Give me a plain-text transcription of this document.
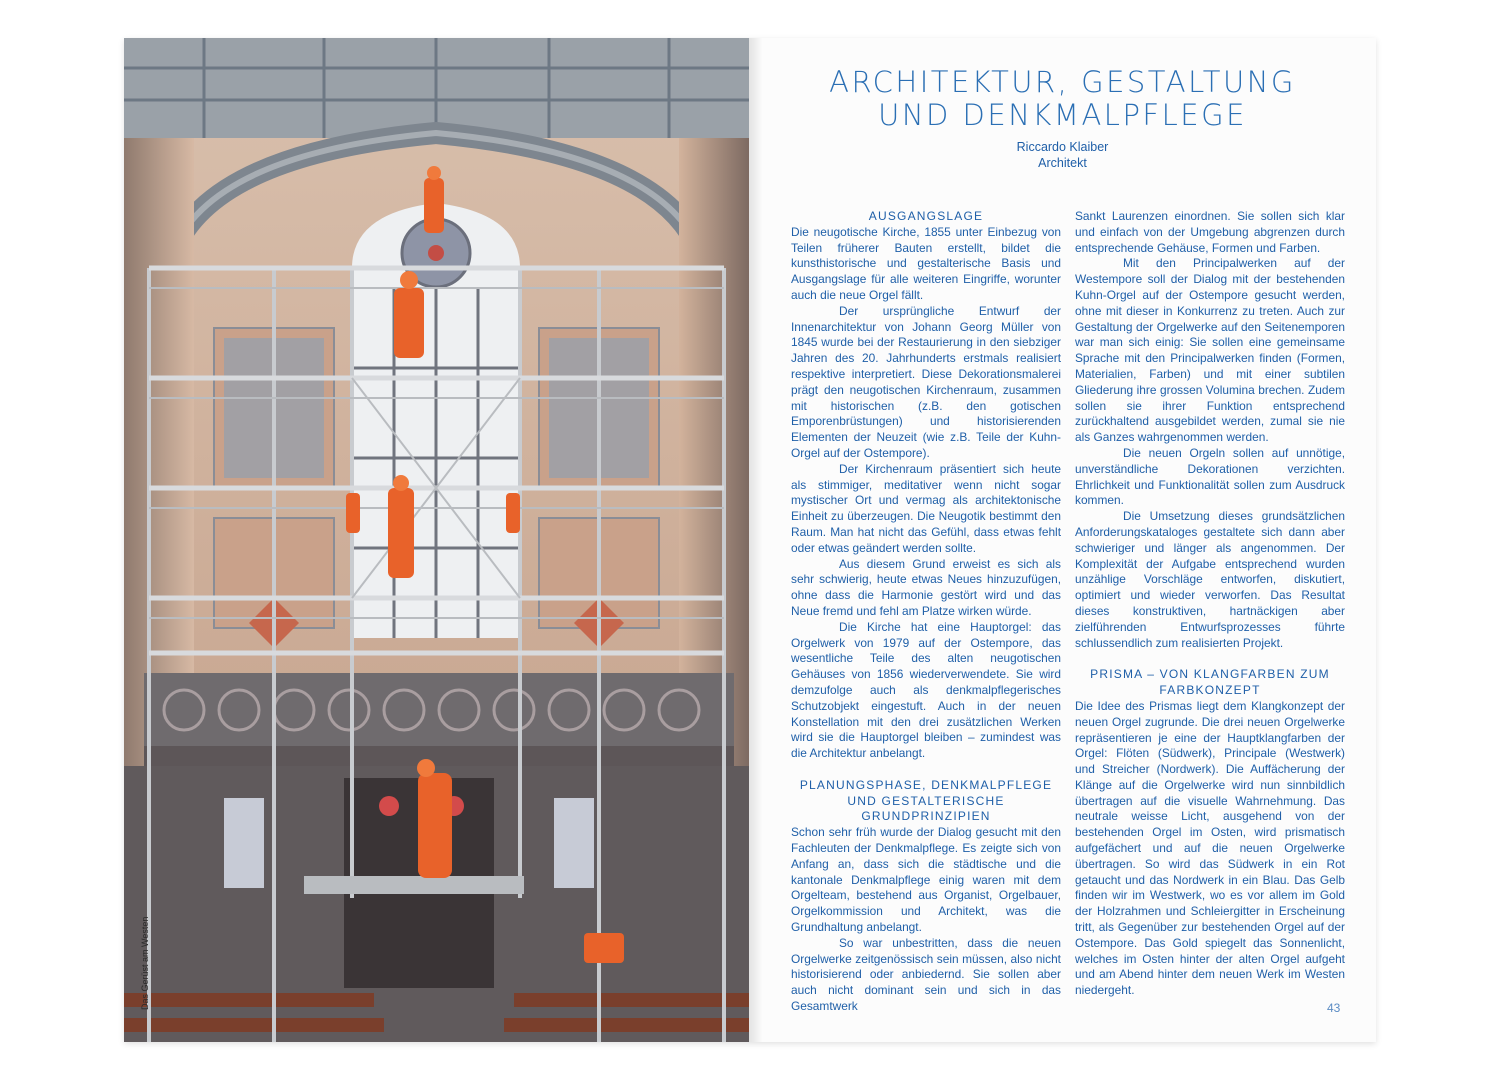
Das Gerüst am Westen
ARCHITEKTUR, GESTALTUNG
UND DENKMALPFLEGE
Riccardo Klaiber
Architekt
AUSGANGSLAGE

Die neugotische Kirche, 1855 unter Einbezug von Teilen früherer Bauten erstellt, bildet die kunsthistorische und gestalterische Basis und Ausgangslage für alle weiteren Eingriffe, worunter auch die neue Orgel fällt.

Der ursprüngliche Entwurf der Innenarchitektur von Johann Georg Müller von 1845 wurde bei der Restaurierung in den siebziger Jahren des 20. Jahrhunderts erstmals realisiert respektive interpretiert. Diese Dekorationsmalerei prägt den neugotischen Kirchenraum, zusammen mit historischen (z.B. den gotischen Emporenbrüstungen) und historisierenden Elementen der Neuzeit (wie z.B. Teile der Kuhn-Orgel auf der Ostempore).

Der Kirchenraum präsentiert sich heute als stimmiger, meditativer wenn nicht sogar mystischer Ort und vermag als architektonische Einheit zu überzeugen. Die Neugotik bestimmt den Raum. Man hat nicht das Gefühl, dass etwas fehlt oder etwas geändert werden sollte.

Aus diesem Grund erweist es sich als sehr schwierig, heute etwas Neues hinzuzufügen, ohne dass die Harmonie gestört wird und das Neue fremd und fehl am Platze wirken würde.

Die Kirche hat eine Hauptorgel: das Orgelwerk von 1979 auf der Ostempore, das wesentliche Teile des alten neugotischen Gehäuses von 1856 wiederverwendete. Sie wird demzufolge auch als denkmalpflegerisches Schutzobjekt eingestuft. Auch in der neuen Konstellation mit den drei zusätzlichen Werken wird sie die Hauptorgel bleiben – zumindest was die Architektur anbelangt.

PLANUNGSPHASE, DENKMALPFLEGE UND GESTALTERISCHE GRUNDPRINZIPIEN

Schon sehr früh wurde der Dialog gesucht mit den Fachleuten der Denkmalpflege. Es zeigte sich von Anfang an, dass sich die städtische und die kantonale Denkmalpflege einig waren mit dem Orgelteam, bestehend aus Organist, Orgelbauer, Orgelkommission und Architekt, was die Grundhaltung anbelangt.

So war unbestritten, dass die neuen Orgelwerke zeitgenössisch sein müssen, also nicht historisierend oder anbiedernd. Sie sollen aber auch nicht dominant sein und sich in das Gesamtwerk

Sankt Laurenzen einordnen. Sie sollen sich klar und einfach von der Umgebung abgrenzen durch entsprechende Gehäuse, Formen und Farben.

Mit den Principalwerken auf der Westempore soll der Dialog mit der bestehenden Kuhn-Orgel auf der Ostempore gesucht werden, ohne mit dieser in Konkurrenz zu treten. Auch zur Gestaltung der Orgelwerke auf den Seitenemporen war man sich einig: Sie sollen eine gemeinsame Sprache mit den Principalwerken finden (Formen, Materialien, Farben) und mit einer subtilen Gliederung ihre grossen Volumina brechen. Zudem sollen sie ihrer Funktion entsprechend zurückhaltend ausgebildet werden, zumal sie nie als Ganzes wahrgenommen werden.

Die neuen Orgeln sollen auf unnötige, unverständliche Dekorationen verzichten. Ehrlichkeit und Funktionalität sollen zum Ausdruck kommen.

Die Umsetzung dieses grundsätzlichen Anforderungskataloges gestaltete sich dann aber schwieriger und länger als angenommen. Der Komplexität der Aufgabe entsprechend wurden unzählige Vorschläge entworfen, diskutiert, optimiert und wieder verworfen. Das Resultat dieses konstruktiven, hartnäckigen aber zielführenden Entwurfsprozesses führte schlussendlich zum realisierten Projekt.

PRISMA – VON KLANGFARBEN ZUM FARBKONZEPT

Die Idee des Prismas liegt dem Klangkonzept der neuen Orgel zugrunde. Die drei neuen Orgelwerke repräsentieren je eine der Hauptklangfarben der Orgel: Flöten (Südwerk), Principale (Westwerk) und Streicher (Nordwerk). Die Auffächerung der Klänge auf die Orgelwerke wird nun sinnbildlich übertragen auf die visuelle Wahrnehmung. Das neutrale weisse Licht, ausgehend von der bestehenden Orgel im Osten, wird prismatisch aufgefächert und auf die neuen Orgelwerke übertragen. So wird das Südwerk in ein Rot getaucht und das Nordwerk in ein Blau. Das Gelb finden wir im Westwerk, wo es vor allem im Gold der Holzrahmen und Schleiergitter in Erscheinung tritt, als Gegenüber zur bestehenden Orgel auf der Ostempore. Das Gold spiegelt das Sonnenlicht, welches im Osten hinter der alten Orgel aufgeht und am Abend hinter dem neuen Werk im Westen niedergeht.

43
